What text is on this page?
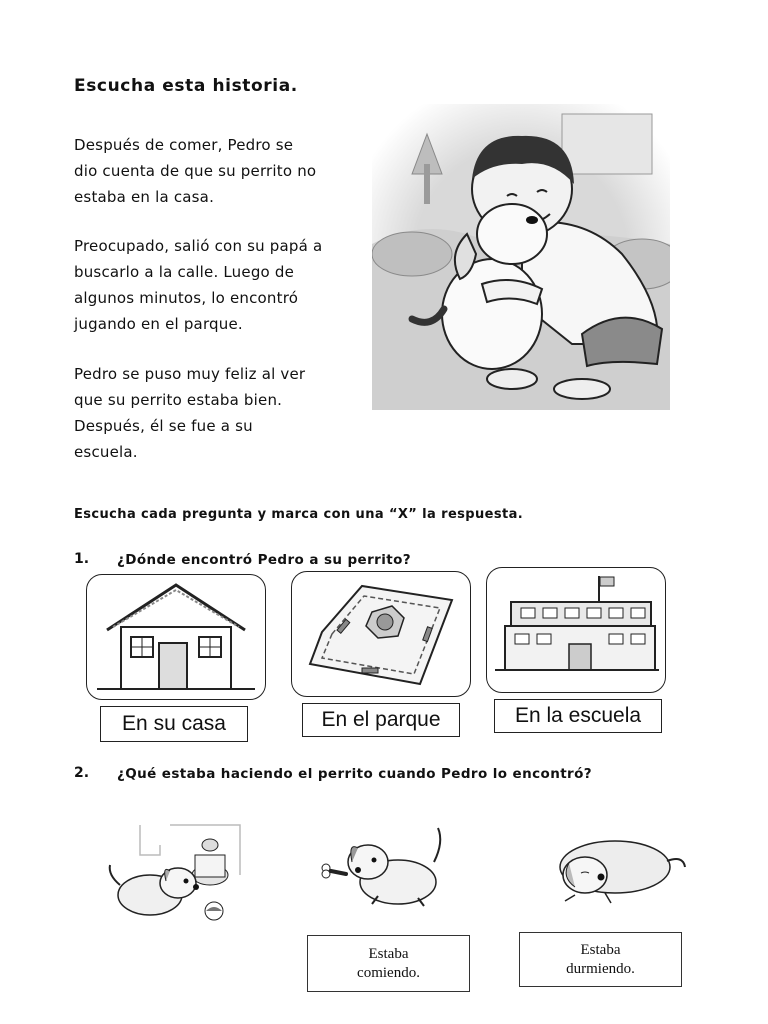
Escucha esta historia.
Después de comer, Pedro se
dio cuenta de que su perrito no
estaba en la casa.
Preocupado, salió con su papá a
buscarlo a la calle. Luego de
algunos minutos, lo encontró
jugando en el parque.
Pedro se puso muy feliz al ver
que su perrito estaba bien.
Después, él se fue a su
escuela.
Escucha cada pregunta y marca con una “X” la respuesta.
1. ¿Dónde encontró Pedro a su perrito?
En su casa	En el parque	En la escuela
2. ¿Qué estaba haciendo el perrito cuando Pedro lo encontró?
Estaba
comiendo.
Estaba
durmiendo.
